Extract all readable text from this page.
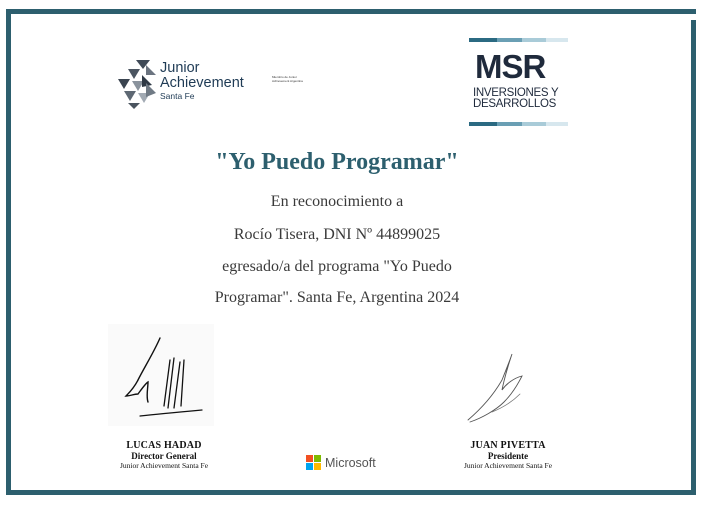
Junior
Achievement
Santa Fe
Miembro de Junior Achievement Argentina	MSR
INVERSIONES Y
DESARROLLOS
"Yo Puedo Programar"
En reconocimiento a
Rocío Tisera, DNI Nº 44899025
egresado/a del programa "Yo Puedo
Programar". Santa Fe, Argentina 2024
LUCAS HADAD
Director General
Junior Achievement Santa Fe
JUAN PIVETTA
Presidente
Junior Achievement Santa Fe
Microsoft
